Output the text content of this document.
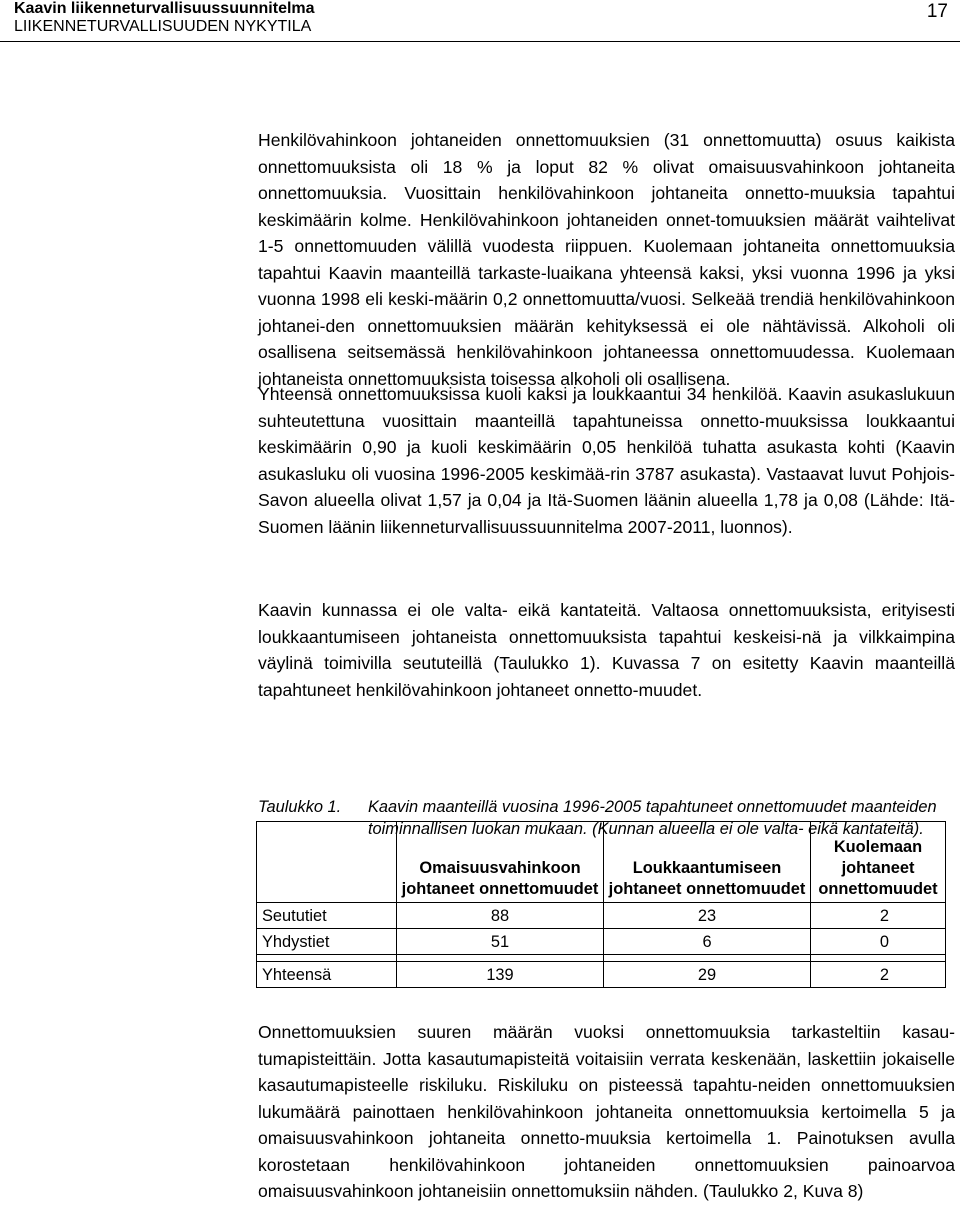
Kaavin liikenneturvallisuussuunnitelma
LIIKENNETURVALLISUUDEN NYKYTILA
17
Henkilövahinkoon johtaneiden onnettomuuksien (31 onnettomuutta) osuus kaikista onnettomuuksista oli 18 % ja loput 82 % olivat omaisuusvahinkoon johtaneita onnettomuuksia. Vuosittain henkilövahinkoon johtaneita onnetto-muuksia tapahtui keskimäärin kolme. Henkilövahinkoon johtaneiden onnet-tomuuksien määrät vaihtelivat 1-5 onnettomuuden välillä vuodesta riippuen. Kuolemaan johtaneita onnettomuuksia tapahtui Kaavin maanteillä tarkaste-luaikana yhteensä kaksi, yksi vuonna 1996 ja yksi vuonna 1998 eli keski-määrin 0,2 onnettomuutta/vuosi. Selkeää trendiä henkilövahinkoon johtanei-den onnettomuuksien määrän kehityksessä ei ole nähtävissä. Alkoholi oli osallisena seitsemässä henkilövahinkoon johtaneessa onnettomuudessa. Kuolemaan johtaneista onnettomuuksista toisessa alkoholi oli osallisena.
Yhteensä onnettomuuksissa kuoli kaksi ja loukkaantui 34 henkilöä. Kaavin asukaslukuun suhteutettuna vuosittain maanteillä tapahtuneissa onnetto-muuksissa loukkaantui keskimäärin 0,90 ja kuoli keskimäärin 0,05 henkilöä tuhatta asukasta kohti (Kaavin asukasluku oli vuosina 1996-2005 keskimää-rin 3787 asukasta). Vastaavat luvut Pohjois-Savon alueella olivat 1,57 ja 0,04 ja Itä-Suomen läänin alueella 1,78 ja 0,08 (Lähde: Itä-Suomen läänin liikenneturvallisuussuunnitelma 2007-2011, luonnos).
Kaavin kunnassa ei ole valta- eikä kantateitä. Valtaosa onnettomuuksista, erityisesti loukkaantumiseen johtaneista onnettomuuksista tapahtui keskeisi-nä ja vilkkaimpina väylinä toimivilla seututeillä (Taulukko 1). Kuvassa 7 on esitetty Kaavin maanteillä tapahtuneet henkilövahinkoon johtaneet onnetto-muudet.
Taulukko 1.	Kaavin maanteillä vuosina 1996-2005 tapahtuneet onnettomuudet maanteiden toiminnallisen luokan mukaan. (Kunnan alueella ei ole valta- eikä kantateitä).
	Omaisuusvahinkoon johtaneet onnettomuudet	Loukkaantumiseen johtaneet onnettomuudet	Kuolemaan johtaneet onnettomuudet
Seututiet	88	23	2
Yhdystiet	51	6	0

Yhteensä	139	29	2
Onnettomuuksien suuren määrän vuoksi onnettomuuksia tarkasteltiin kasau-tumapisteittäin. Jotta kasautumapisteitä voitaisiin verrata keskenään, laskettiin jokaiselle kasautumapisteelle riskiluku. Riskiluku on pisteessä tapahtu-neiden onnettomuuksien lukumäärä painottaen henkilövahinkoon johtaneita onnettomuuksia kertoimella 5 ja omaisuusvahinkoon johtaneita onnetto-muuksia kertoimella 1. Painotuksen avulla korostetaan henkilövahinkoon johtaneiden onnettomuuksien painoarvoa omaisuusvahinkoon johtaneisiin onnettomuksiin nähden. (Taulukko 2, Kuva 8)
